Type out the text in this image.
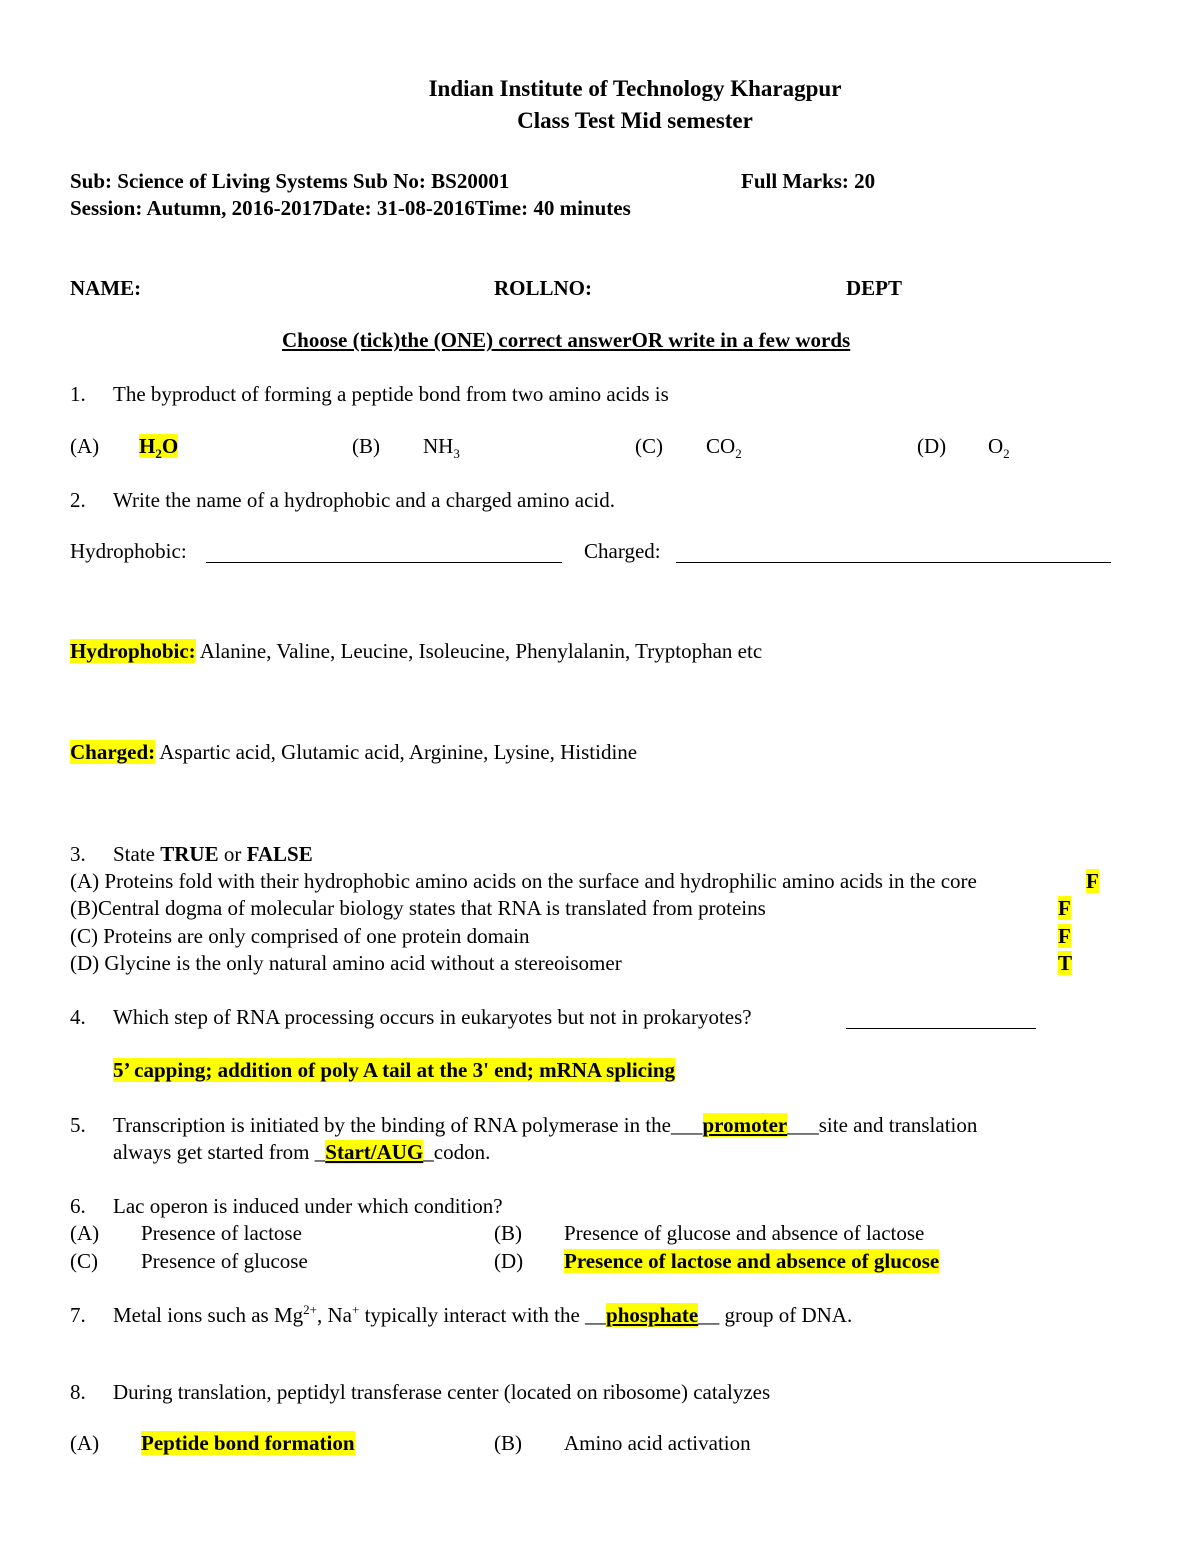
Indian Institute of Technology Kharagpur
Class Test Mid semester
Sub: Science of Living Systems Sub No: BS20001	Full Marks: 20
Session: Autumn, 2016-2017Date: 31-08-2016Time: 40 minutes
NAME:	ROLLNO:	DEPT
Choose (tick)the (ONE) correct answerOR write in a few words
1. The byproduct of forming a peptide bond from two amino acids is
(A) $H_2O$	(B) $NH_3$	(C) $CO_2$	(D) $O_2$
2. Write the name of a hydrophobic and a charged amino acid.
Hydrophobic:	Charged:
Hydrophobic: Alanine, Valine, Leucine, Isoleucine, Phenylalanin, Tryptophan etc
Charged: Aspartic acid, Glutamic acid, Arginine, Lysine, Histidine
3. State TRUE or FALSE
(A) Proteins fold with their hydrophobic amino acids on the surface and hydrophilic amino acids in the core	F
(B)Central dogma of molecular biology states that RNA is translated from proteins	F
(C) Proteins are only comprised of one protein domain	F
(D) Glycine is the only natural amino acid without a stereoisomer	T
4. Which step of RNA processing occurs in eukaryotes but not in prokaryotes?
5’ capping; addition of poly A tail at the 3' end; mRNA splicing
5. Transcription is initiated by the binding of RNA polymerase in the___promoter___site and translation
always get started from _Start/AUG_codon.
6. Lac operon is induced under which condition?
(A) Presence of lactose	(B) Presence of glucose and absence of lactose
(C) Presence of glucose	(D) Presence of lactose and absence of glucose
7. Metal ions such as $Mg^{2+}$, Na+ typically interact with the __phosphate__ group of DNA.
8. During translation, peptidyl transferase center (located on ribosome) catalyzes
(A) Peptide bond formation	(B) Amino acid activation
